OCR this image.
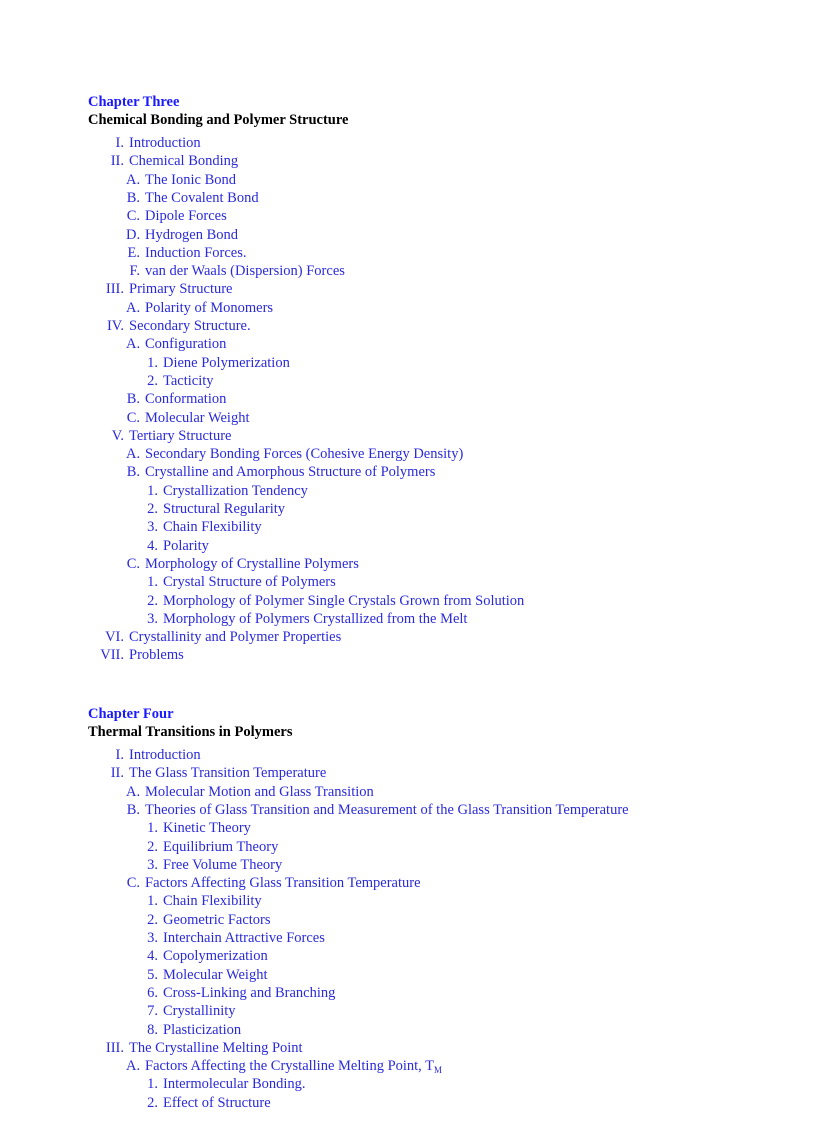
Chapter Three
Chemical Bonding and Polymer Structure
I. Introduction
II. Chemical Bonding
A. The Ionic Bond
B. The Covalent Bond
C. Dipole Forces
D. Hydrogen Bond
E. Induction Forces.
F. van der Waals (Dispersion) Forces
III. Primary Structure
A. Polarity of Monomers
IV. Secondary Structure.
A. Configuration
1. Diene Polymerization
2. Tacticity
B. Conformation
C. Molecular Weight
V. Tertiary Structure
A. Secondary Bonding Forces (Cohesive Energy Density)
B. Crystalline and Amorphous Structure of Polymers
1. Crystallization Tendency
2. Structural Regularity
3. Chain Flexibility
4. Polarity
C. Morphology of Crystalline Polymers
1. Crystal Structure of Polymers
2. Morphology of Polymer Single Crystals Grown from Solution
3. Morphology of Polymers Crystallized from the Melt
VI. Crystallinity and Polymer Properties
VII. Problems
Chapter Four
Thermal Transitions in Polymers
I. Introduction
II. The Glass Transition Temperature
A. Molecular Motion and Glass Transition
B. Theories of Glass Transition and Measurement of the Glass Transition Temperature
1. Kinetic Theory
2. Equilibrium Theory
3. Free Volume Theory
C. Factors Affecting Glass Transition Temperature
1. Chain Flexibility
2. Geometric Factors
3. Interchain Attractive Forces
4. Copolymerization
5. Molecular Weight
6. Cross-Linking and Branching
7. Crystallinity
8. Plasticization
III. The Crystalline Melting Point
A. Factors Affecting the Crystalline Melting Point, $T_M$
1. Intermolecular Bonding.
2. Effect of Structure
